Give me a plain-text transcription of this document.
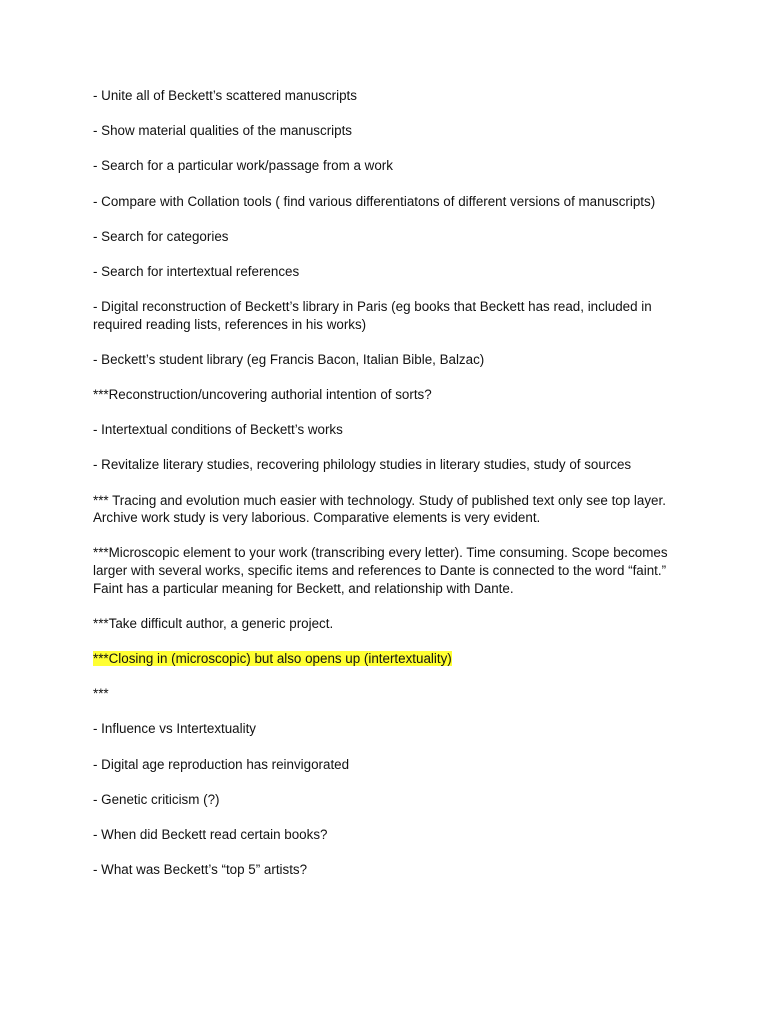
- Unite all of Beckett’s scattered manuscripts

- Show material qualities of the manuscripts

- Search for a particular work/passage from a work

- Compare with Collation tools ( find various differentiatons of different versions of manuscripts)

- Search for categories

- Search for intertextual references

- Digital reconstruction of Beckett’s library in Paris (eg books that Beckett has read, included in required reading lists, references in his works)

- Beckett’s student library (eg Francis Bacon, Italian Bible, Balzac)

***Reconstruction/uncovering authorial intention of sorts?

- Intertextual conditions of Beckett’s works

- Revitalize literary studies, recovering philology studies in literary studies, study of sources

*** Tracing and evolution much easier with technology. Study of published text only see top layer. Archive work study is very laborious. Comparative elements is very evident.

***Microscopic element to your work (transcribing every letter). Time consuming. Scope becomes larger with several works, specific items and references to Dante is connected to the word “faint.” Faint has a particular meaning for Beckett, and relationship with Dante.

***Take difficult author, a generic project.

***Closing in (microscopic) but also opens up (intertextuality)

***

- Influence vs Intertextuality

- Digital age reproduction has reinvigorated

- Genetic criticism (?)

- When did Beckett read certain books?

- What was Beckett’s “top 5” artists?
